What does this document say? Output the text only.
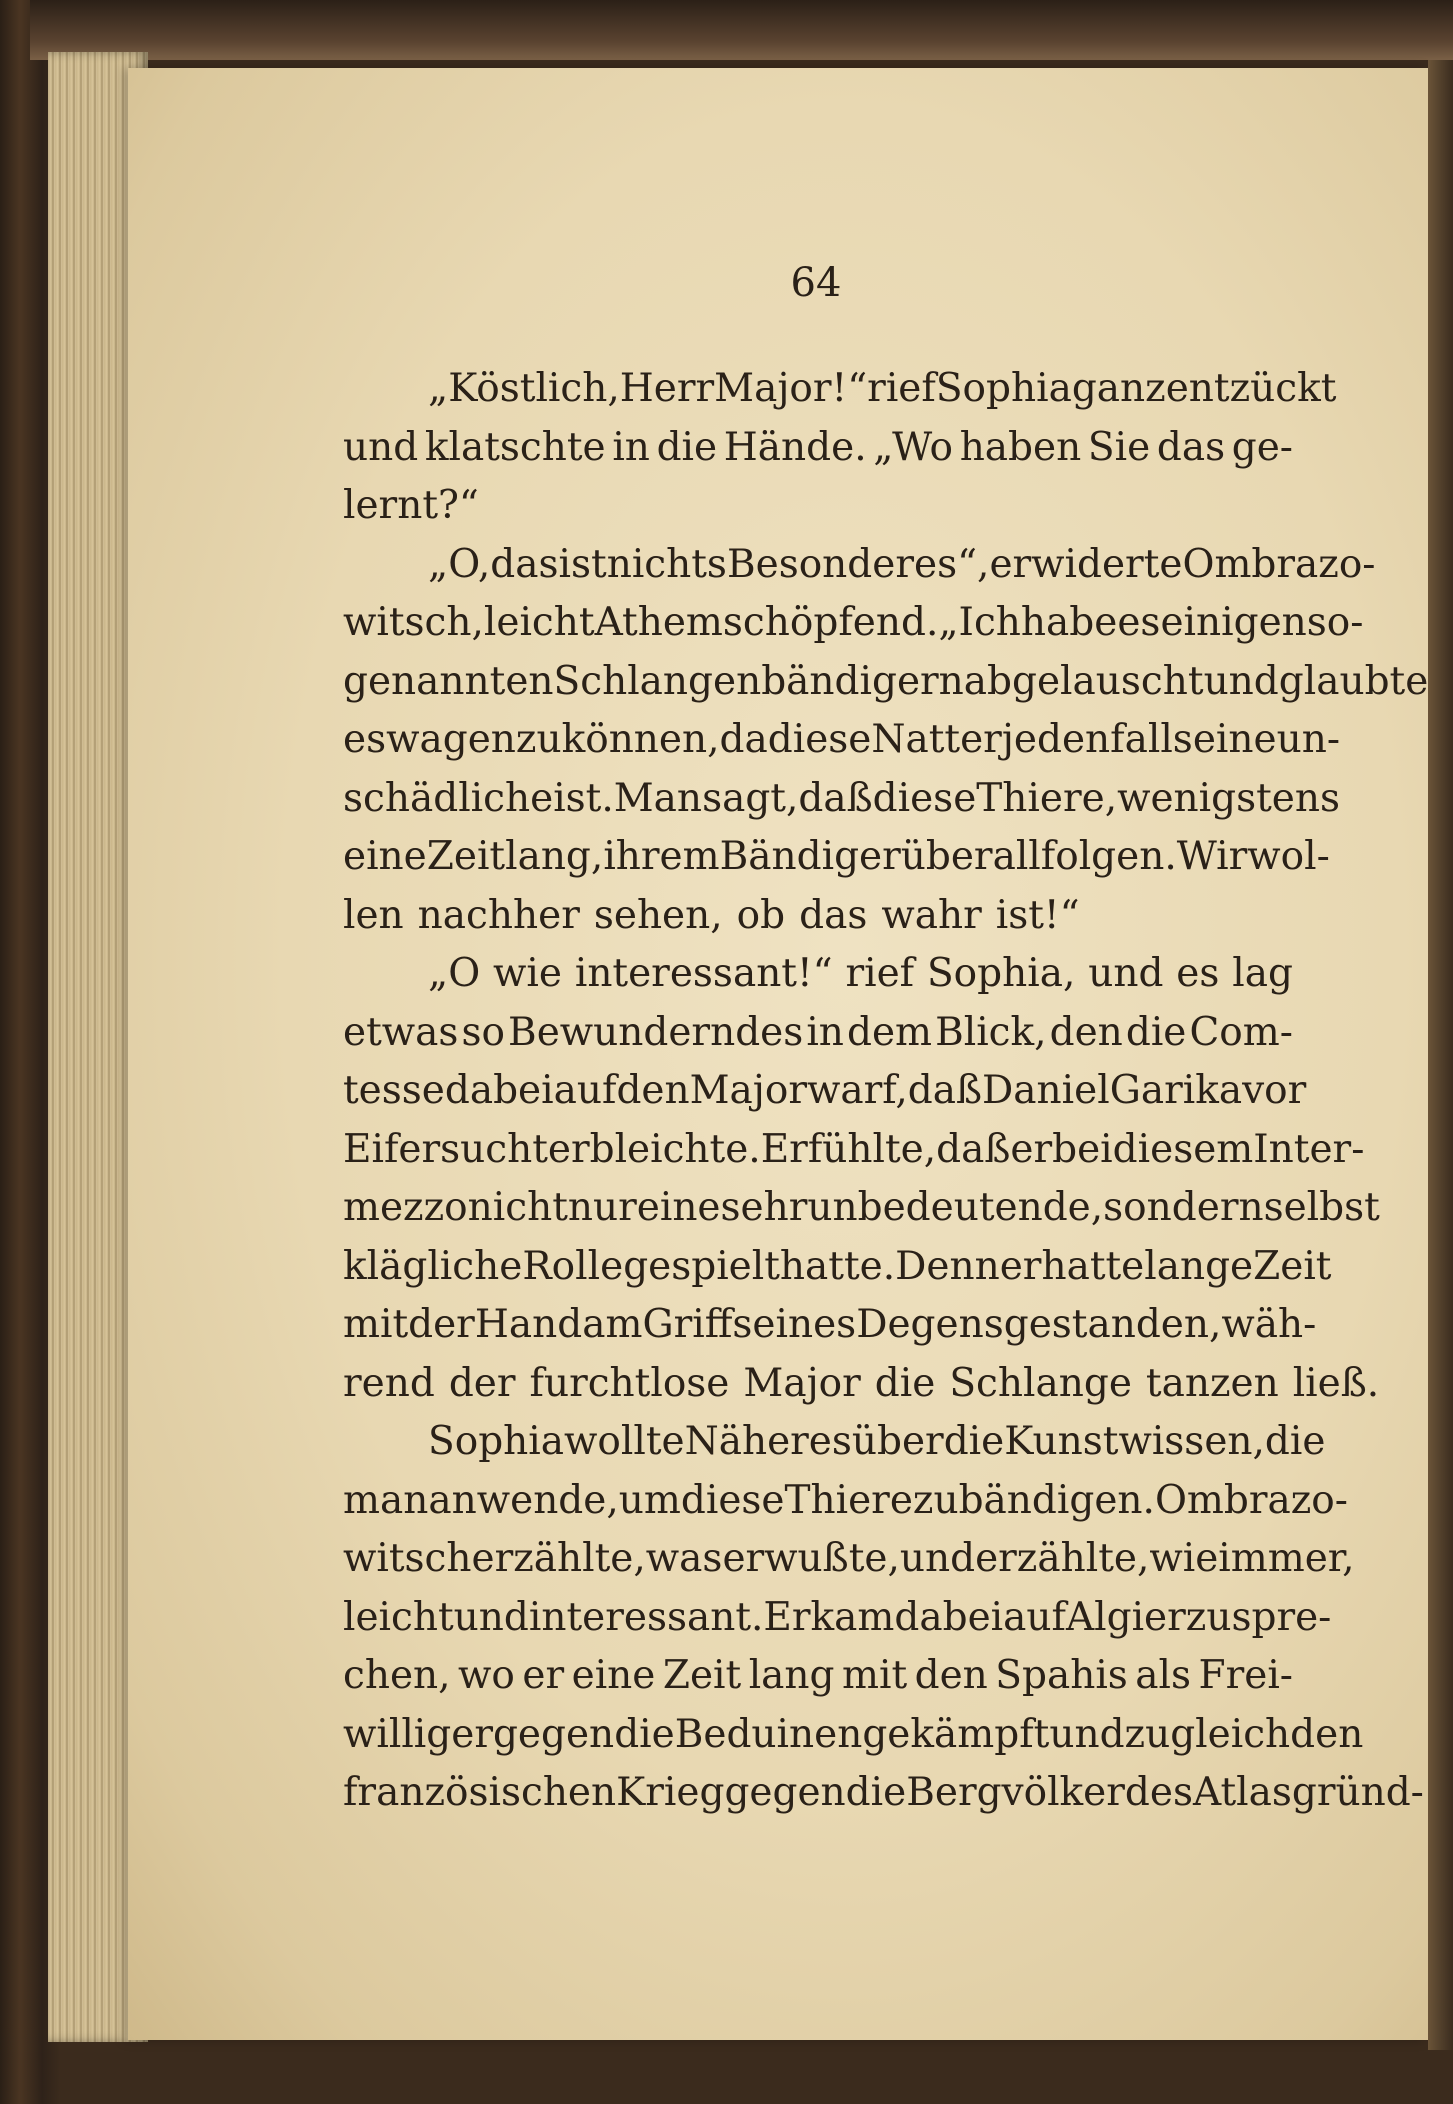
64
„Köstlich, Herr Major!“ rief Sophia ganz entzückt
und klatschte in die Hände. „Wo haben Sie das ge-
lernt?“
„O, das ist nichts Besonderes“, erwiderte Ombrazo-
witsch, leicht Athem schöpfend. „Ich habe es einigen so-
genannten Schlangenbändigern abgelauscht und glaubte
es wagen zu können, da diese Natter jedenfalls eine un-
schädliche ist. Man sagt, daß diese Thiere, wenigstens
eine Zeit lang, ihrem Bändiger überall folgen. Wir wol-
len nachher sehen, ob das wahr ist!“
„O wie interessant!“ rief Sophia, und es lag
etwas so Bewunderndes in dem Blick, den die Com-
tesse dabei auf den Major warf, daß Daniel Garika vor
Eifersucht erbleichte. Er fühlte, daß er bei diesem Inter-
mezzo nicht nur eine sehr unbedeutende, sondern selbst
klägliche Rolle gespielt hatte. Denn er hatte lange Zeit
mit der Hand am Griff seines Degens gestanden, wäh-
rend der furchtlose Major die Schlange tanzen ließ.
Sophia wollte Näheres über die Kunst wissen, die
man anwende, um diese Thiere zu bändigen. Ombrazo-
witsch erzählte, was er wußte, und erzählte, wie immer,
leicht und interessant. Er kam dabei auf Algier zu spre-
chen, wo er eine Zeit lang mit den Spahis als Frei-
williger gegen die Beduinen gekämpft und zugleich den
französischen Krieg gegen die Bergvölker des Atlas gründ-
